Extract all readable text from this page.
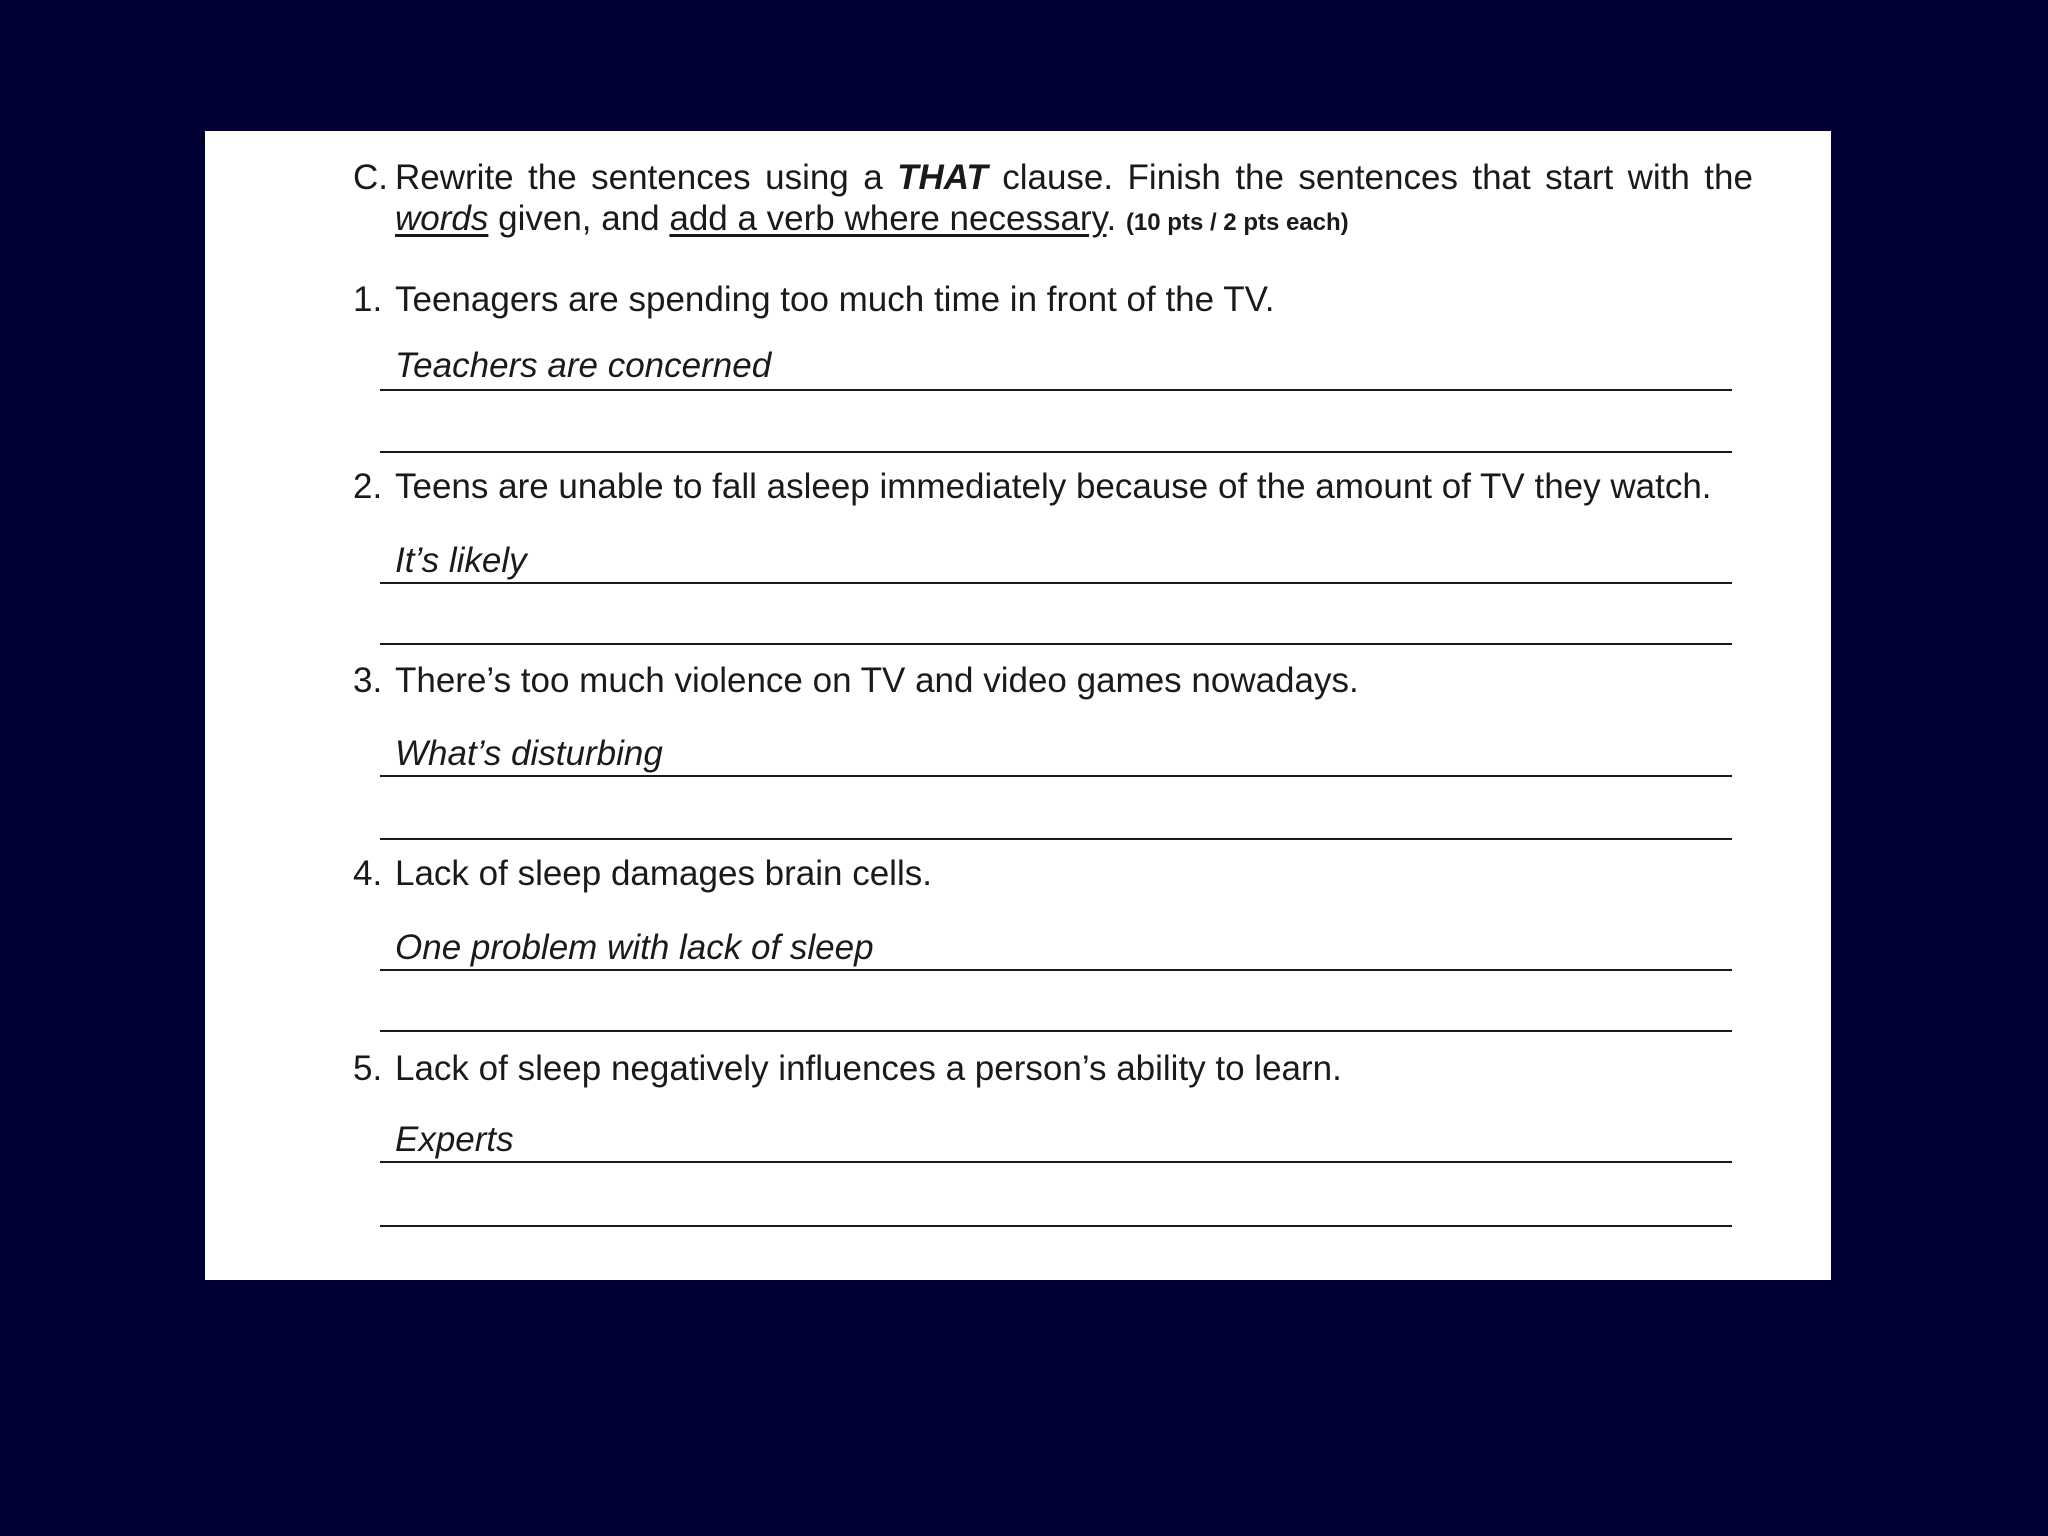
C. Rewrite the sentences using a THAT clause. Finish the sentences that start with the words given, and add a verb where necessary. (10 pts / 2 pts each)
1. Teenagers are spending too much time in front of the TV.
Teachers are concerned
2. Teens are unable to fall asleep immediately because of the amount of TV they watch.
It’s likely
3. There’s too much violence on TV and video games nowadays.
What’s disturbing
4. Lack of sleep damages brain cells.
One problem with lack of sleep
5. Lack of sleep negatively influences a person’s ability to learn.
Experts
